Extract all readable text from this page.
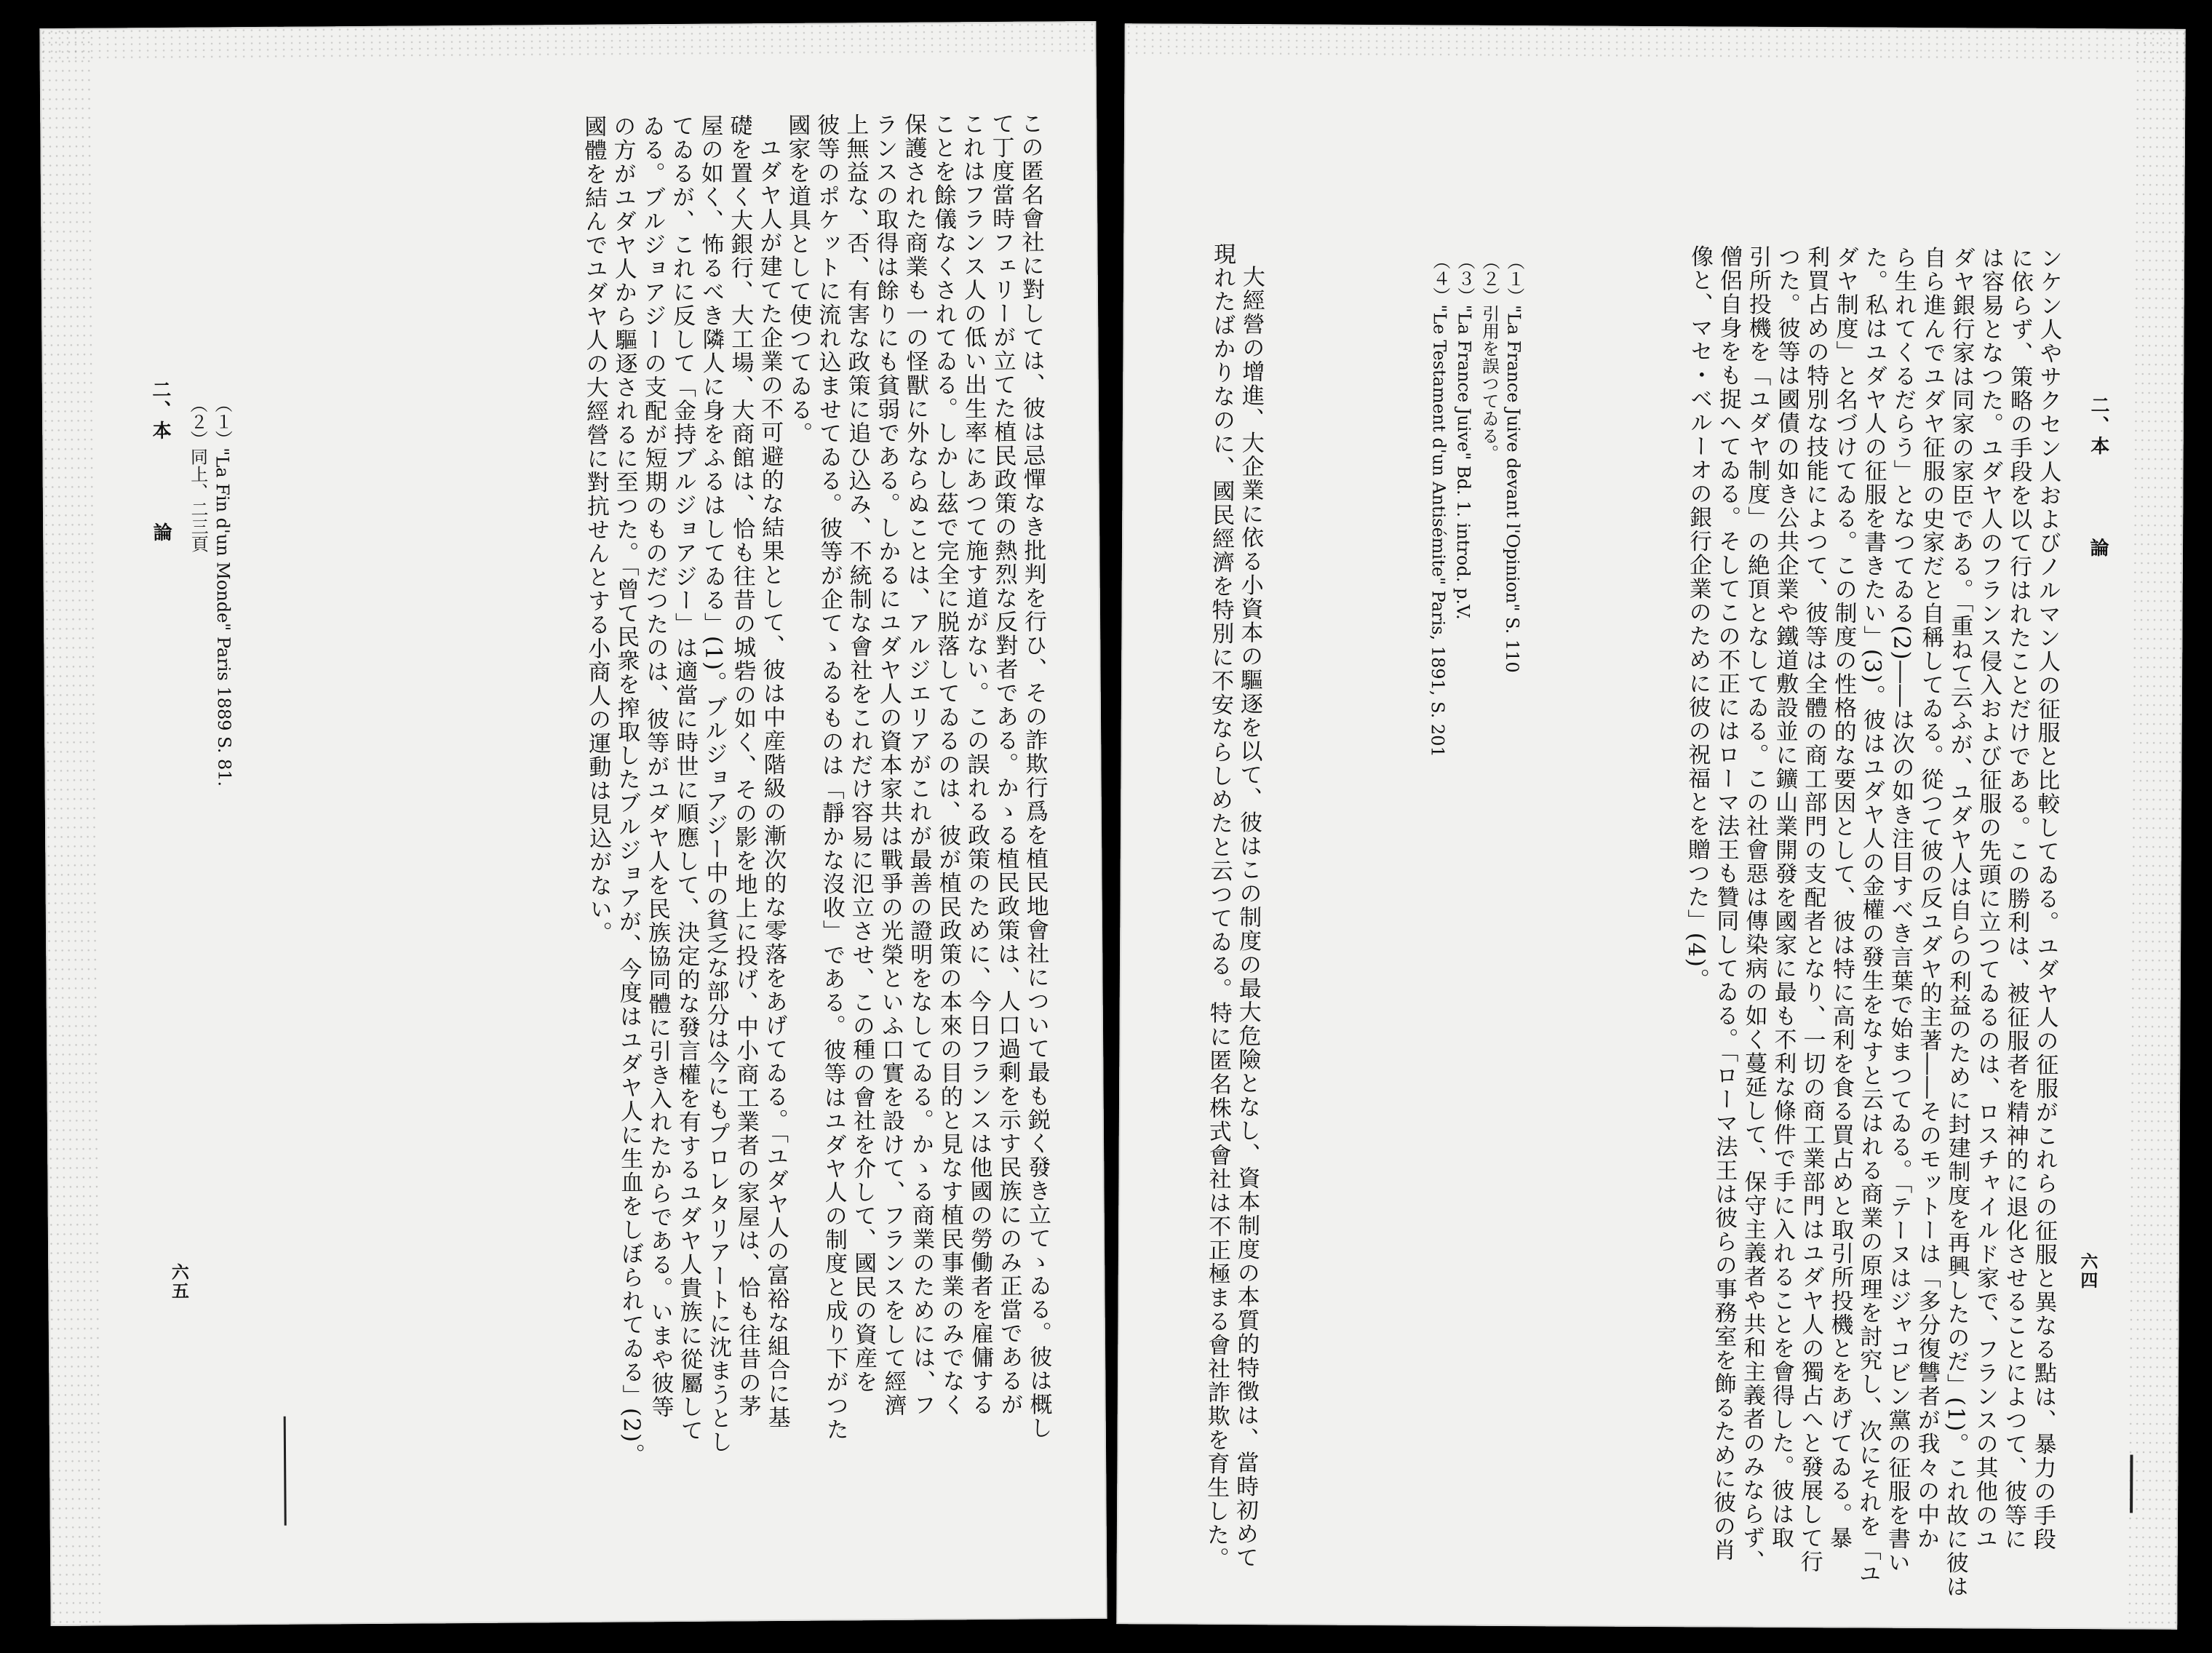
この匿名會社に對しては、彼は忌憚なき批判を行ひ、その詐欺行爲を植民地會社について最も鋭く發き立てゝゐる。彼は概し

て丁度當時フェリーが立てた植民政策の熱烈な反對者である。かゝる植民政策は、人口過剩を示す民族にのみ正當であるが

これはフランス人の低い出生率にあつて施す道がない。この誤れる政策のために、今日フランスは他國の勞働者を雇傭する

ことを餘儀なくされてゐる。しかし茲で完全に脱落してゐるのは、彼が植民政策の本來の目的と見なす植民事業のみでなく

保護された商業も一の怪獸に外ならぬことは、アルジエリアがこれが最善の證明をなしてゐる。かゝる商業のためには、フ

ランスの取得は餘りにも貧弱である。しかるにユダヤ人の資本家共は戰爭の光榮といふ口實を設けて、フランスをして經濟

上無益な、否、有害な政策に追ひ込み、不統制な會社をこれだけ容易に氾立させ、この種の會社を介して、國民の資産を

彼等のポケットに流れ込ませてゐる。彼等が企てゝゐるものは「靜かな沒收」である。彼等はユダヤ人の制度と成り下がつた

國家を道具として使つてゐる。

ユダヤ人が建てた企業の不可避的な結果として、彼は中産階級の漸次的な零落をあげてゐる。「ユダヤ人の富裕な組合に基

礎を置く大銀行、大工場、大商館は、恰も往昔の城砦の如く、その影を地上に投げ、中小商工業者の家屋は、恰も往昔の茅

屋の如く、怖るべき隣人に身をふるはしてゐる」(1)。ブルジョアジー中の貧乏な部分は今にもプロレタリアートに沈まうとし

てゐるが、これに反して「金持ブルジョアジー」は適當に時世に順應して、決定的な發言權を有するユダヤ人貴族に從屬して

ゐる。ブルジョアジーの支配が短期のものだつたのは、彼等がユダヤ人を民族協同體に引き入れたからである。いまや彼等

の方がユダヤ人から驅逐されるに至つた。「曾て民衆を搾取したブルジョアが、今度はユダヤ人に生血をしぼられてゐる」(2)。

國體を結んでユダヤ人の大經營に對抗せんとする小商人の運動は見込がない。

（１）"La Fin d'un Monde" Paris 1889 S. 81.

（２）同上、二三頁

二、本　　　　論
六五
二、本　　　　論
六四

ンケン人やサクセン人およびノルマン人の征服と比較してゐる。ユダヤ人の征服がこれらの征服と異なる點は、暴力の手段

に依らず、策略の手段を以て行はれたことだけである。この勝利は、被征服者を精神的に退化させることによつて、彼等に

は容易となつた。ユダヤ人のフランス侵入および征服の先頭に立つてゐるのは、ロスチャイルド家で、フランスの其他のユ

ダヤ銀行家は同家の家臣である。「重ねて云ふが、ユダヤ人は自らの利益のために封建制度を再興したのだ」(1)。これ故に彼は

自ら進んでユダヤ征服の史家だと自稱してゐる。從つて彼の反ユダヤ的主著――そのモットーは「多分復讐者が我々の中か

ら生れてくるだらう」となつてゐる(2)――は次の如き注目すべき言葉で始まつてゐる。「テーヌはジャコビン黨の征服を書い

た。私はユダヤ人の征服を書きたい」(3)。彼はユダヤ人の金權の發生をなすと云はれる商業の原理を討究し、次にそれを「ユ

ダヤ制度」と名づけてゐる。この制度の性格的な要因として、彼は特に高利を食る買占めと取引所投機とをあげてゐる。暴

利買占めの特別な技能によつて、彼等は全體の商工部門の支配者となり、一切の商工業部門はユダヤ人の獨占へと發展して行

つた。彼等は國債の如き公共企業や鐵道敷設並に鑛山業開發を國家に最も不利な條件で手に入れることを會得した。彼は取

引所投機を「ユダヤ制度」の絶頂となしてゐる。この社會惡は傳染病の如く蔓延して、保守主義者や共和主義者のみならず、

僧侶自身をも捉へてゐる。そしてこの不正にはローマ法王も贊同してゐる。「ローマ法王は彼らの事務室を飾るために彼の肖

像と、マセ・ベルーオの銀行企業のために彼の祝福とを贈つた」(4)。

（１）"La France Juive devant l'Opinion" S. 110

（２）引用を誤つてゐる。

（３）"La France Juive" Bd. 1. introd. p.V.

（４）"Le Testament d'un Antisémite" Paris, 1891, S. 201

大經營の增進、大企業に依る小資本の驅逐を以て、彼はこの制度の最大危險となし、資本制度の本質的特徴は、當時初めて

現れたばかりなのに、國民經濟を特別に不安ならしめたと云つてゐる。特に匿名株式會社は不正極まる會社詐欺を育生した。
